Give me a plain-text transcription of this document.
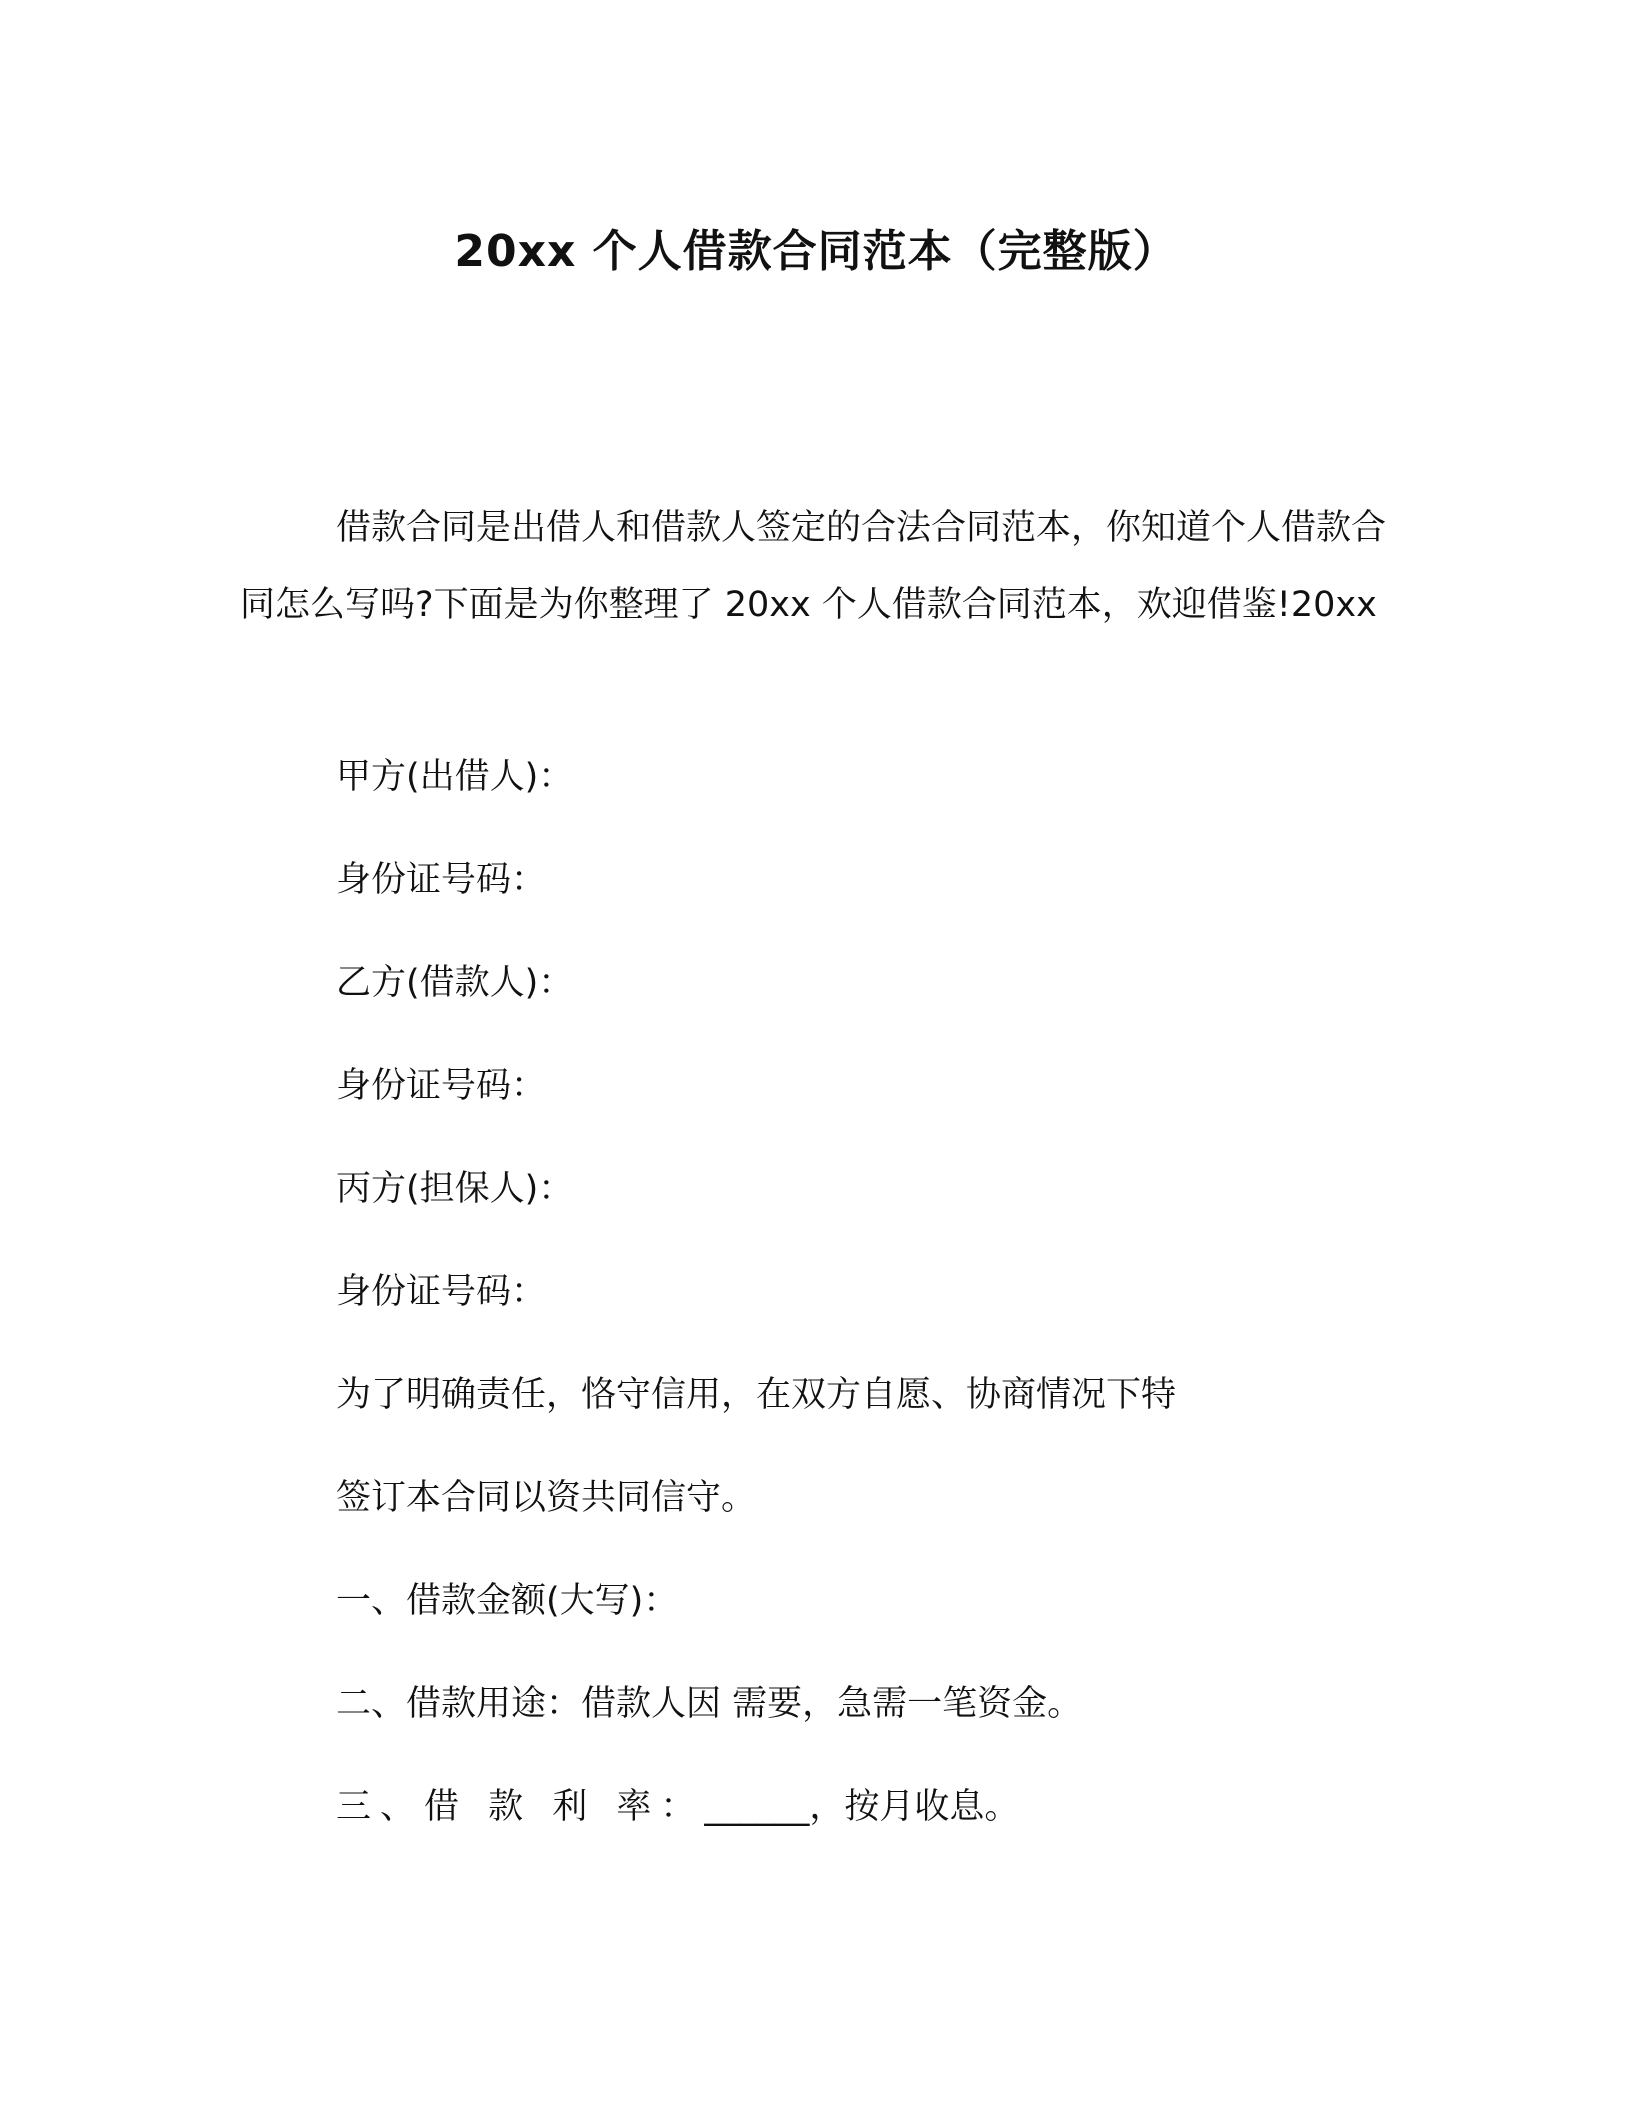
20xx 个人借款合同范本（完整版）

借款合同是出借人和借款人签定的合法合同范本，你知道个人借款合同怎么写吗?下面是为你整理了 20xx 个人借款合同范本，欢迎借鉴!20xx

甲方(出借人)：

身份证号码：

乙方(借款人)：

身份证号码：

丙方(担保人)：

身份证号码：

为了明确责任，恪守信用，在双方自愿、协商情况下特

签订本合同以资共同信守。

一、借款金额(大写)：

二、借款用途：借款人因 需要，急需一笔资金。

三、借 款 利 率：______，按月收息。
